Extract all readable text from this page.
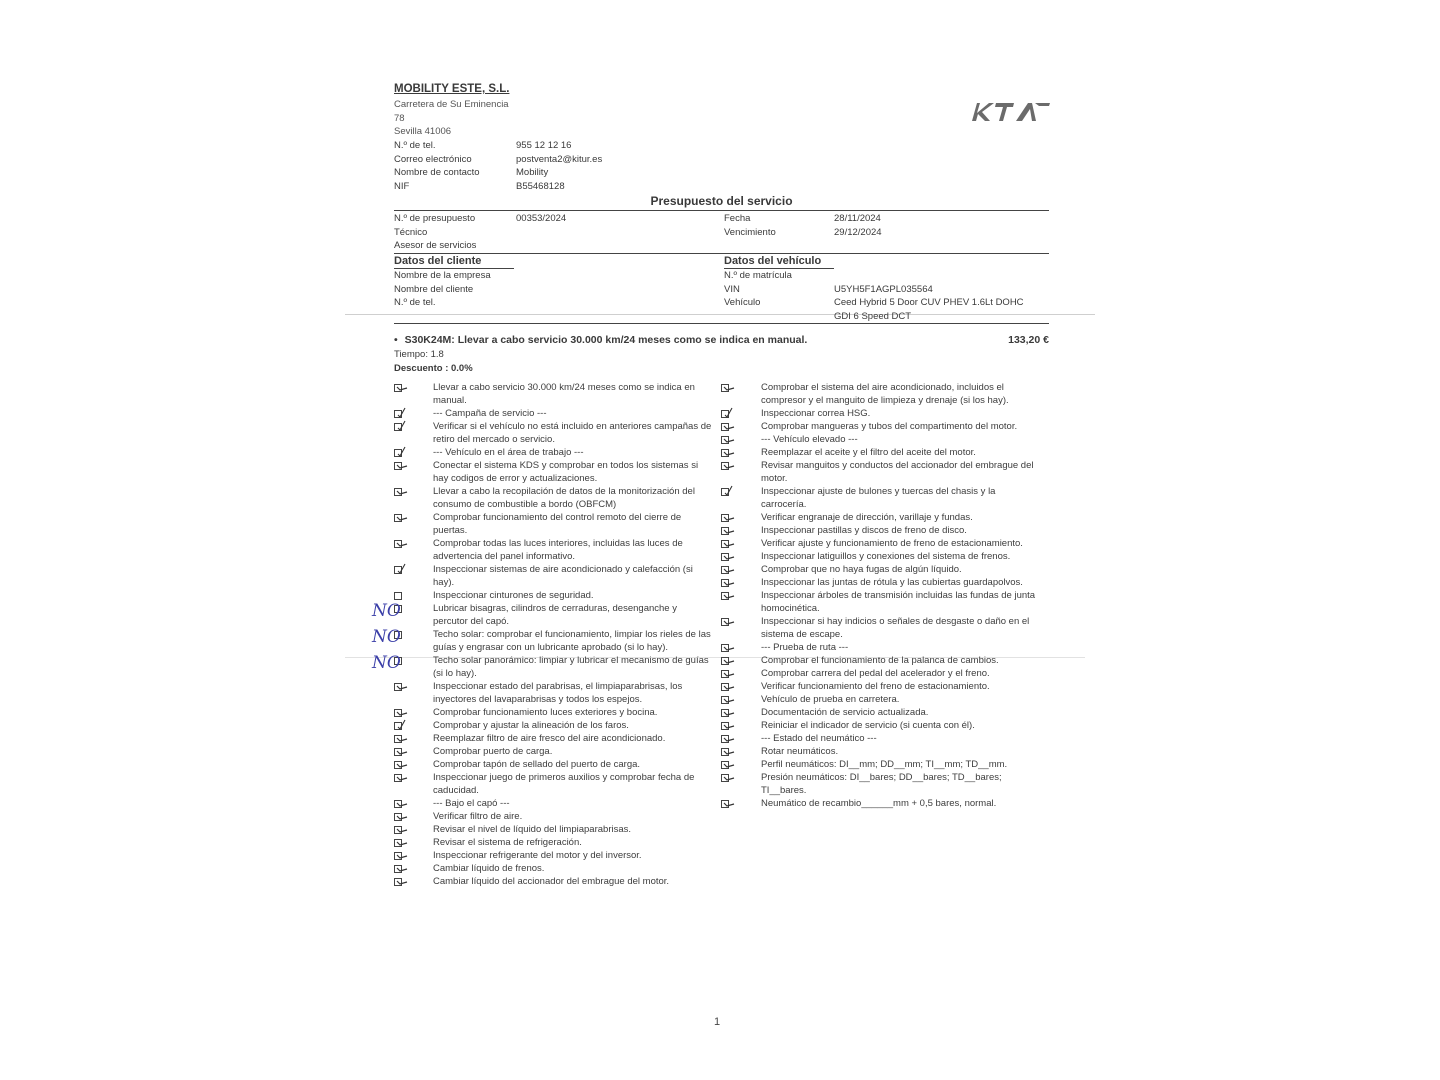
MOBILITY ESTE, S.L.
Carretera de Su Eminencia
78
Sevilla 41006
N.º de tel.	955 12 12 16
Correo electrónico	postventa2@kitur.es
Nombre de contacto	Mobility
NIF	B55468128
Presupuesto del servicio
N.º de presupuesto	00353/2024
Técnico
Asesor de servicios
Fecha	28/11/2024
Vencimiento	29/12/2024
Datos del cliente
Nombre de la empresa
Nombre del cliente
N.º de tel.
Datos del vehículo
N.º de matrícula
VIN	U5YH5F1AGPL035564
Vehículo	Ceed Hybrid 5 Door CUV PHEV 1.6Lt DOHC
GDI 6 Speed DCT
• S30K24M: Llevar a cabo servicio 30.000 km/24 meses como se indica en manual.	133,20 €
Tiempo: 1.8
Descuento : 0.0%
Llevar a cabo servicio 30.000 km/24 meses como se indica en manual.
--- Campaña de servicio ---
Verificar si el vehículo no está incluido en anteriores campañas de retiro del mercado o servicio.
--- Vehículo en el área de trabajo ---
Conectar el sistema KDS y comprobar en todos los sistemas si hay codigos de error y actualizaciones.
Llevar a cabo la recopilación de datos de la monitorización del consumo de combustible a bordo (OBFCM)
Comprobar funcionamiento del control remoto del cierre de puertas.
Comprobar todas las luces interiores, incluidas las luces de advertencia del panel informativo.
Inspeccionar sistemas de aire acondicionado y calefacción (si hay).
Inspeccionar cinturones de seguridad.
NO	Lubricar bisagras, cilindros de cerraduras, desenganche y percutor del capó.
NO	Techo solar: comprobar el funcionamiento, limpiar los rieles de las guías y engrasar con un lubricante aprobado (si lo hay).
NO	Techo solar panorámico: limpiar y lubricar el mecanismo de guías (si lo hay).
Inspeccionar estado del parabrisas, el limpiaparabrisas, los inyectores del lavaparabrisas y todos los espejos.
Comprobar funcionamiento luces exteriores y bocina.
Comprobar y ajustar la alineación de los faros.
Reemplazar filtro de aire fresco del aire acondicionado.
Comprobar puerto de carga.
Comprobar tapón de sellado del puerto de carga.
Inspeccionar juego de primeros auxilios y comprobar fecha de caducidad.
--- Bajo el capó ---
Verificar filtro de aire.
Revisar el nivel de líquido del limpiaparabrisas.
Revisar el sistema de refrigeración.
Inspeccionar refrigerante del motor y del inversor.
Cambiar líquido de frenos.
Cambiar líquido del accionador del embrague del motor.
Comprobar el sistema del aire acondicionado, incluidos el compresor y el manguito de limpieza y drenaje (si los hay).
Inspeccionar correa HSG.
Comprobar mangueras y tubos del compartimento del motor.
--- Vehículo elevado ---
Reemplazar el aceite y el filtro del aceite del motor.
Revisar manguitos y conductos del accionador del embrague del motor.
Inspeccionar ajuste de bulones y tuercas del chasis y la carrocería.
Verificar engranaje de dirección, varillaje y fundas.
Inspeccionar pastillas y discos de freno de disco.
Verificar ajuste y funcionamiento de freno de estacionamiento.
Inspeccionar latiguillos y conexiones del sistema de frenos.
Comprobar que no haya fugas de algún líquido.
Inspeccionar las juntas de rótula y las cubiertas guardapolvos.
Inspeccionar árboles de transmisión incluidas las fundas de junta homocinética.
Inspeccionar si hay indicios o señales de desgaste o daño en el sistema de escape.
--- Prueba de ruta ---
Comprobar el funcionamiento de la palanca de cambios.
Comprobar carrera del pedal del acelerador y el freno.
Verificar funcionamiento del freno de estacionamiento.
Vehículo de prueba en carretera.
Documentación de servicio actualizada.
Reiniciar el indicador de servicio (si cuenta con él).
--- Estado del neumático ---
Rotar neumáticos.
Perfil neumáticos: DI__mm; DD__mm; TI__mm; TD__mm.
Presión neumáticos: DI__bares; DD__bares; TD__bares; TI__bares.
Neumático de recambio______mm + 0,5 bares, normal.
1
